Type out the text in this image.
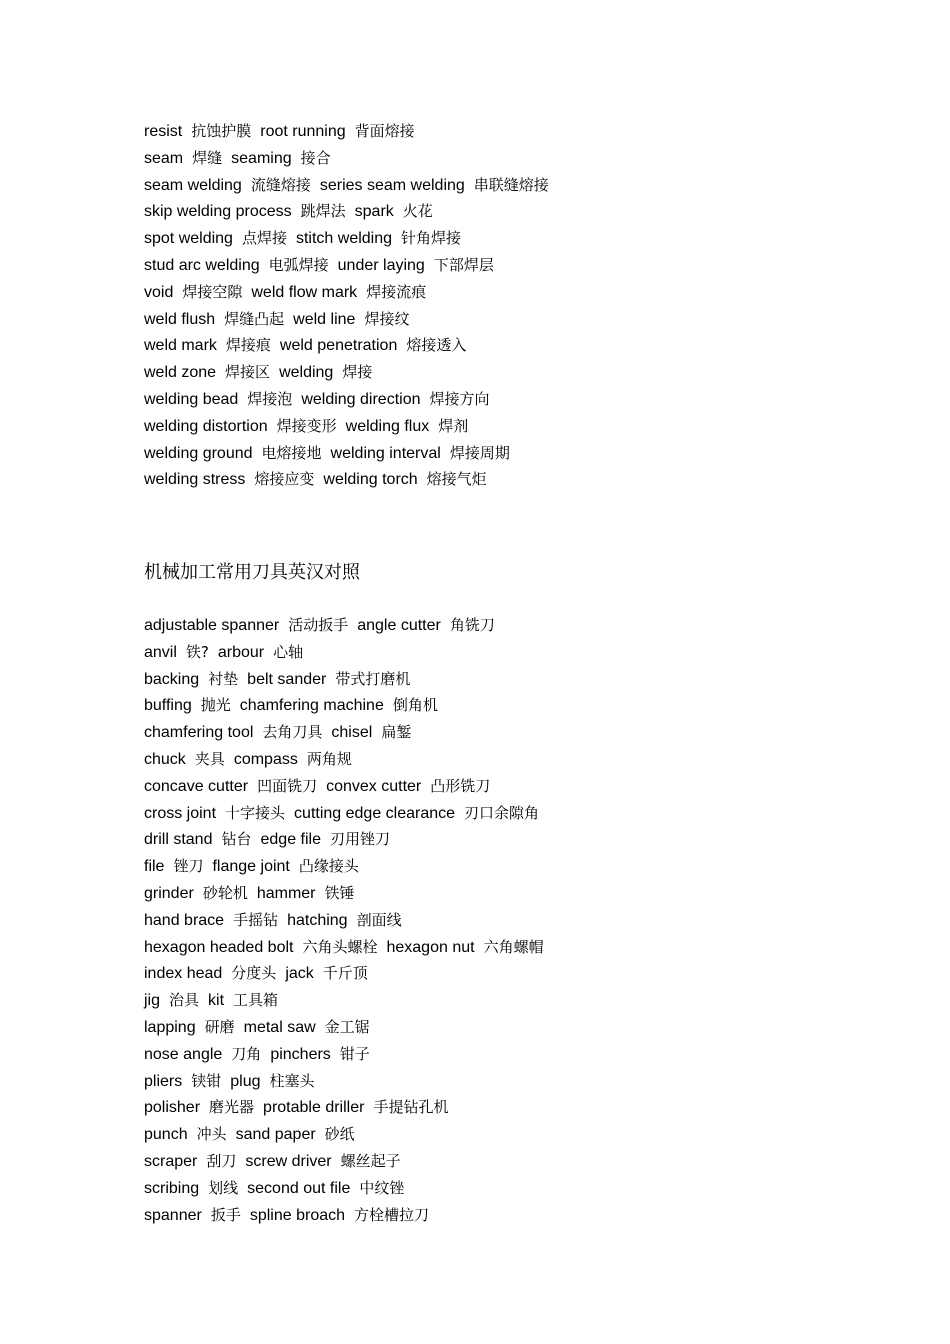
resist 抗蚀护膜 root running 背面熔接
seam 焊缝 seaming 接合
seam welding 流缝熔接 series seam welding 串联缝熔接
skip welding process 跳焊法 spark 火花
spot welding 点焊接 stitch welding 针角焊接
stud arc welding 电弧焊接 under laying 下部焊层
void 焊接空隙 weld flow mark 焊接流痕
weld flush 焊缝凸起 weld line 焊接纹
weld mark 焊接痕 weld penetration 熔接透入
weld zone 焊接区 welding 焊接
welding bead 焊接泡 welding direction 焊接方向
welding distortion 焊接变形 welding flux 焊剂
welding ground 电熔接地 welding interval 焊接周期
welding stress 熔接应变 welding torch 熔接气炬
机械加工常用刀具英汉对照
adjustable spanner 活动扳手 angle cutter 角铣刀
anvil 铁? arbour 心轴
backing 衬垫 belt sander 带式打磨机
buffing 抛光 chamfering machine 倒角机
chamfering tool 去角刀具 chisel 扁錾
chuck 夹具 compass 两角规
concave cutter 凹面铣刀 convex cutter 凸形铣刀
cross joint 十字接头 cutting edge clearance 刃口余隙角
drill stand 钻台 edge file 刃用锉刀
file 锉刀 flange joint 凸缘接头
grinder 砂轮机 hammer 铁锤
hand brace 手摇钻 hatching 剖面线
hexagon headed bolt 六角头螺栓 hexagon nut 六角螺帽
index head 分度头 jack 千斤顶
jig 治具 kit 工具箱
lapping 研磨 metal saw 金工锯
nose angle 刀角 pinchers 钳子
pliers 铗钳 plug 柱塞头
polisher 磨光器 protable driller 手提钻孔机
punch 冲头 sand paper 砂纸
scraper 刮刀 screw driver 螺丝起子
scribing 划线 second out file 中纹锉
spanner 扳手 spline broach 方栓槽拉刀
